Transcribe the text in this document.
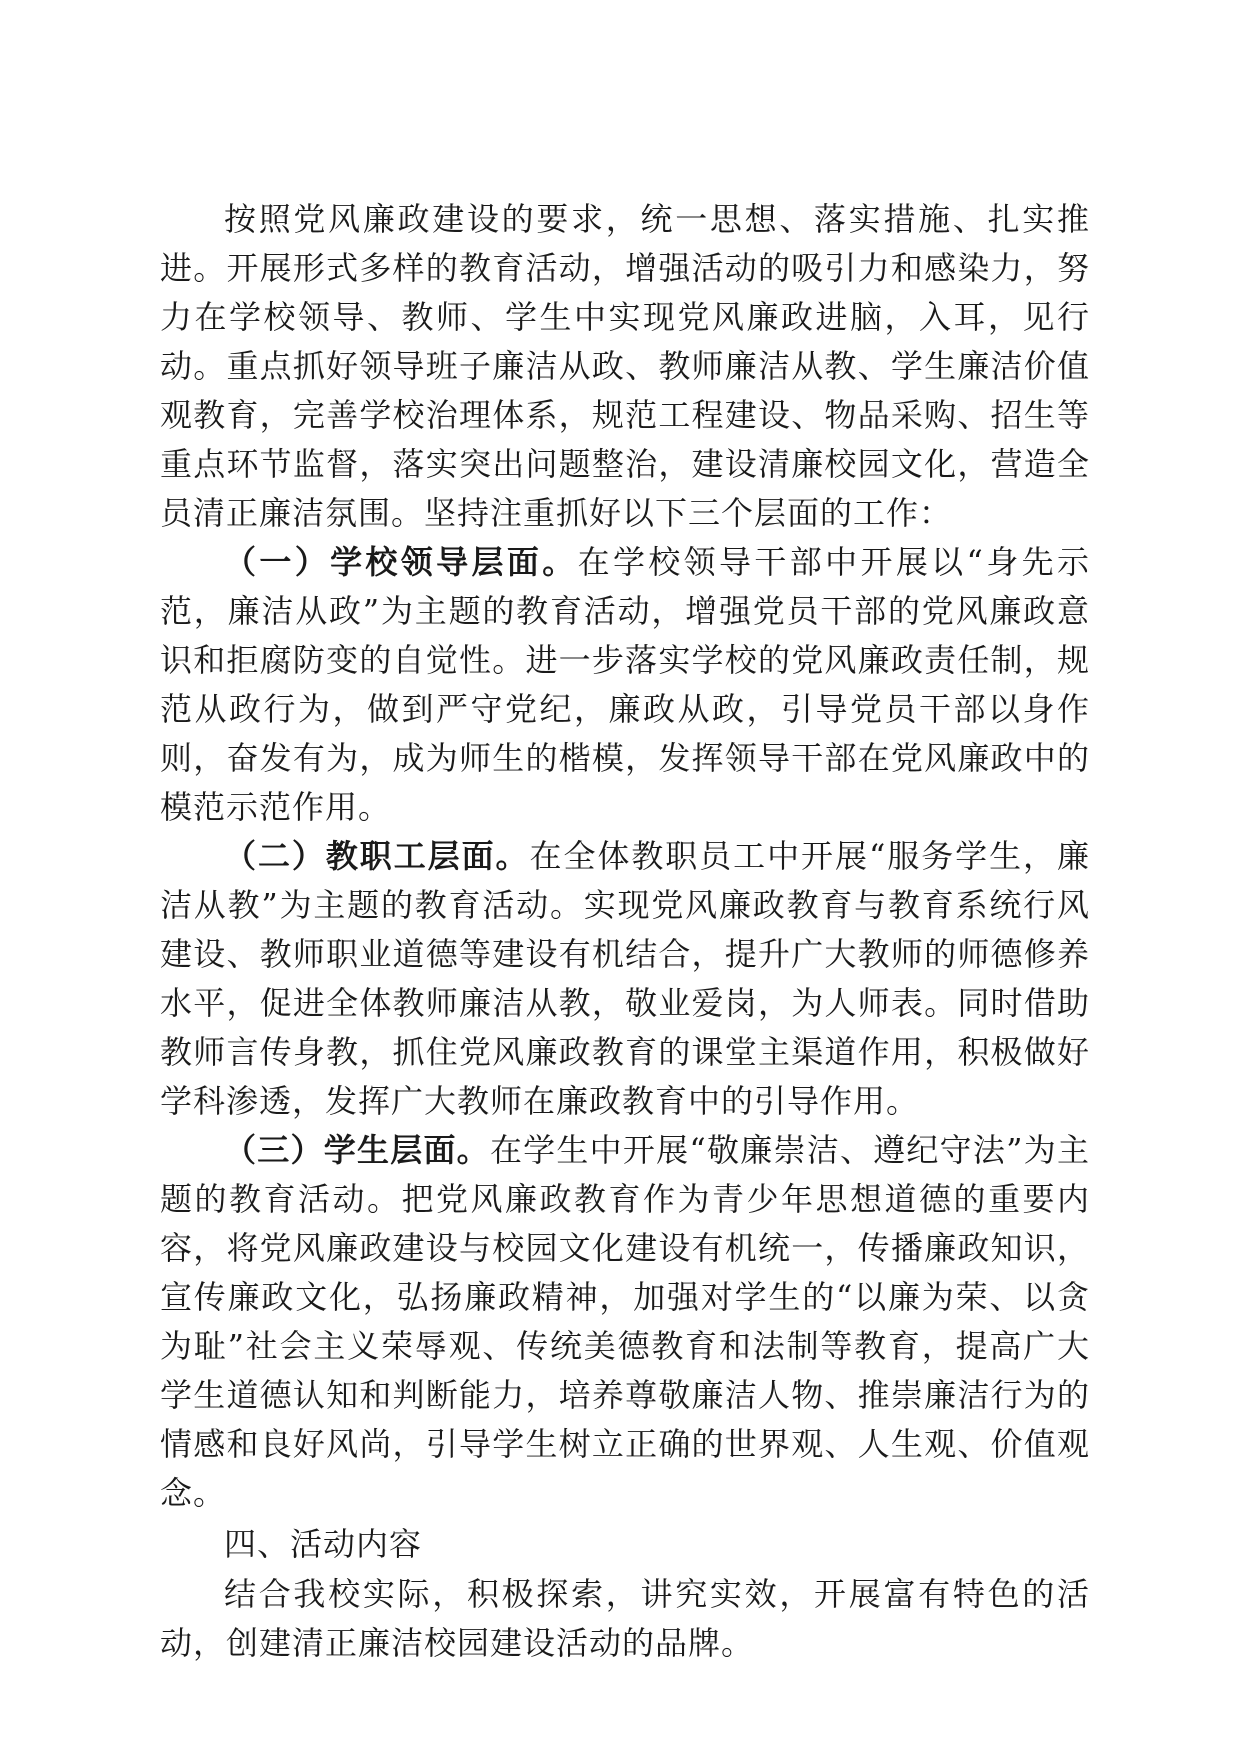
按照党风廉政建设的要求，统一思想、落实措施、扎实推进。开展形式多样的教育活动，增强活动的吸引力和感染力，努力在学校领导、教师、学生中实现党风廉政进脑，入耳，见行动。重点抓好领导班子廉洁从政、教师廉洁从教、学生廉洁价值观教育，完善学校治理体系，规范工程建设、物品采购、招生等重点环节监督，落实突出问题整治，建设清廉校园文化，营造全员清正廉洁氛围。坚持注重抓好以下三个层面的工作：

（一）学校领导层面。在学校领导干部中开展以“身先示范，廉洁从政”为主题的教育活动，增强党员干部的党风廉政意识和拒腐防变的自觉性。进一步落实学校的党风廉政责任制，规范从政行为，做到严守党纪，廉政从政，引导党员干部以身作则，奋发有为，成为师生的楷模，发挥领导干部在党风廉政中的模范示范作用。

（二）教职工层面。在全体教职员工中开展“服务学生，廉洁从教”为主题的教育活动。实现党风廉政教育与教育系统行风建设、教师职业道德等建设有机结合，提升广大教师的师德修养水平，促进全体教师廉洁从教，敬业爱岗，为人师表。同时借助教师言传身教，抓住党风廉政教育的课堂主渠道作用，积极做好学科渗透，发挥广大教师在廉政教育中的引导作用。

（三）学生层面。在学生中开展“敬廉崇洁、遵纪守法”为主题的教育活动。把党风廉政教育作为青少年思想道德的重要内容，将党风廉政建设与校园文化建设有机统一，传播廉政知识，宣传廉政文化，弘扬廉政精神，加强对学生的“以廉为荣、以贪为耻”社会主义荣辱观、传统美德教育和法制等教育，提高广大学生道德认知和判断能力，培养尊敬廉洁人物、推崇廉洁行为的情感和良好风尚，引导学生树立正确的世界观、人生观、价值观念。

四、活动内容

结合我校实际，积极探索，讲究实效，开展富有特色的活动，创建清正廉洁校园建设活动的品牌。
